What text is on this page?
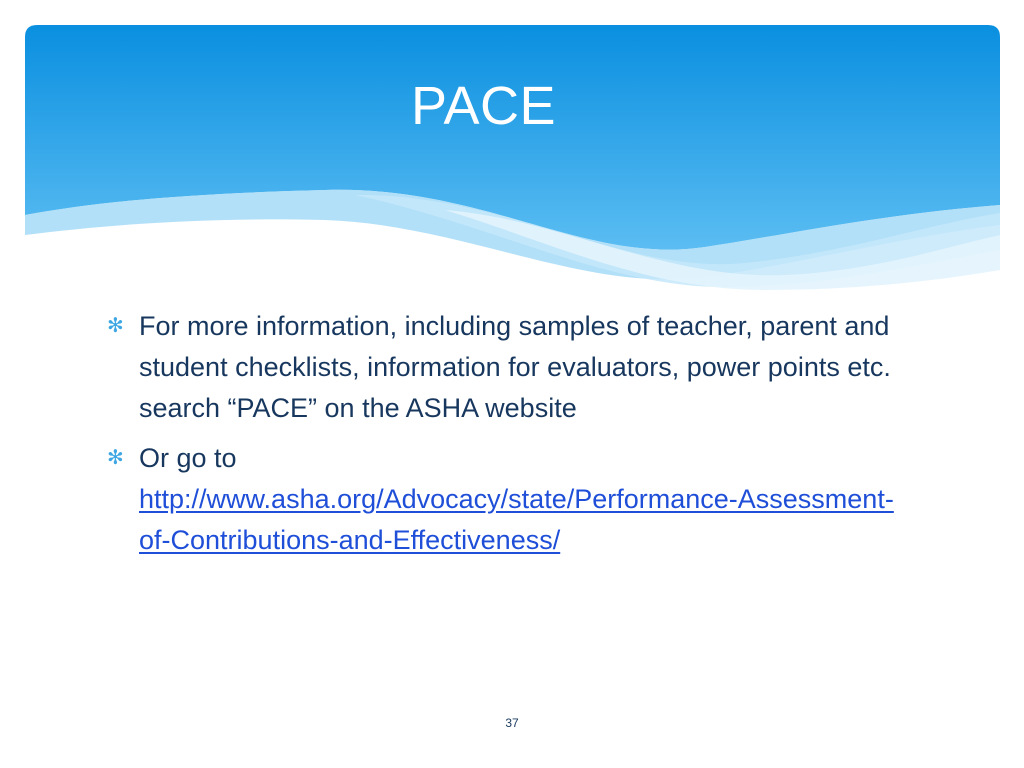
PACE
✻ For more information, including samples of teacher, parent and student checklists, information for evaluators, power points etc. search “PACE” on the ASHA website
✻ Or go to
http://www.asha.org/Advocacy/state/Performance-Assessment-of-Contributions-and-Effectiveness/
37
